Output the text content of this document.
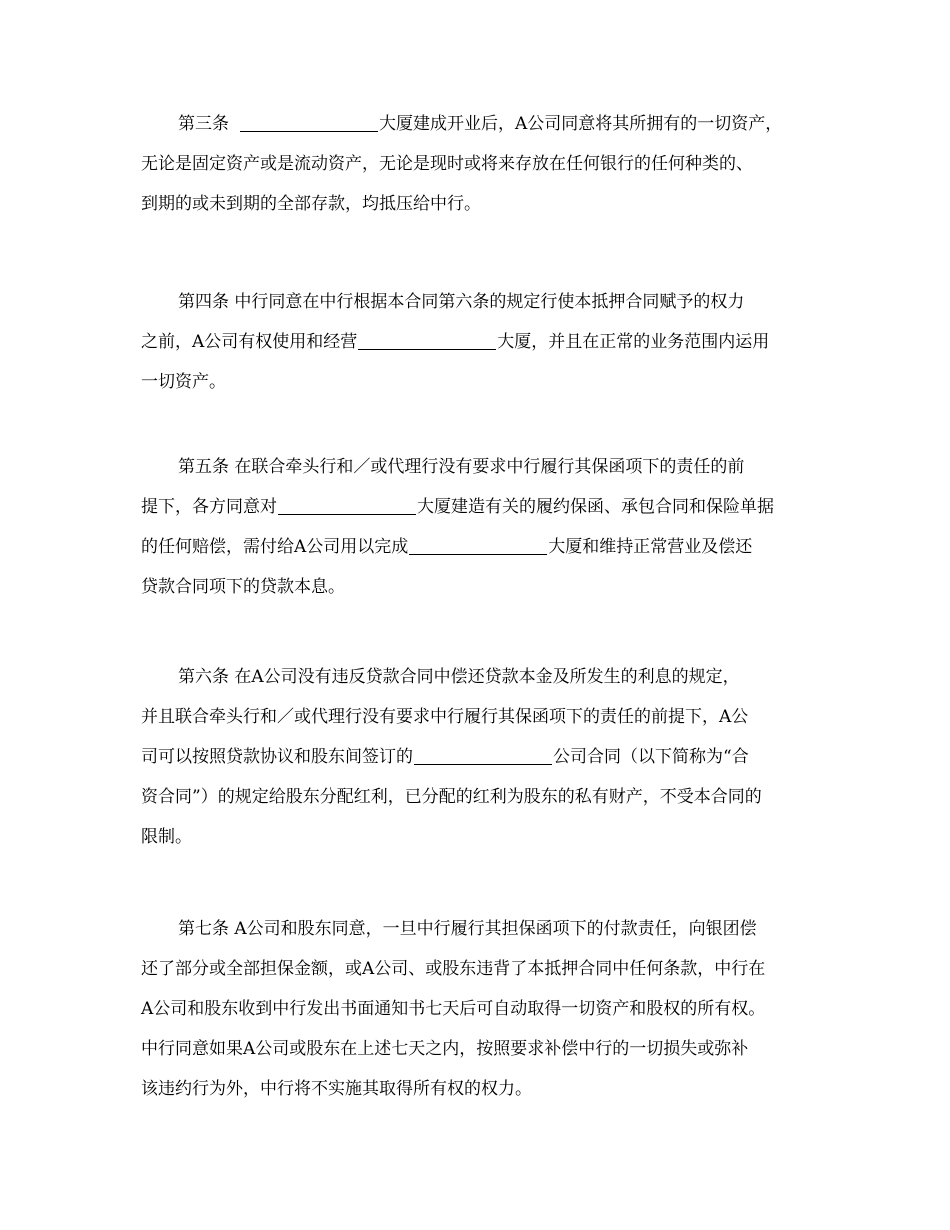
第三条	大厦建成开业后，A公司同意将其所拥有的一切资产，
无论是固定资产或是流动资产，无论是现时或将来存放在任何银行的任何种类的、
到期的或未到期的全部存款，均抵压给中行。
第四条 中行同意在中行根据本合同第六条的规定行使本抵押合同赋予的权力
之前，A公司有权使用和经营	大厦，并且在正常的业务范围内运用
一切资产。
第五条 在联合牵头行和／或代理行没有要求中行履行其保函项下的责任的前
提下，各方同意对	大厦建造有关的履约保函、承包合同和保险单据
的任何赔偿，需付给A公司用以完成	大厦和维持正常营业及偿还
贷款合同项下的贷款本息。
第六条 在A公司没有违反贷款合同中偿还贷款本金及所发生的利息的规定，
并且联合牵头行和／或代理行没有要求中行履行其保函项下的责任的前提下，A公
司可以按照贷款协议和股东间签订的	公司合同（以下简称为“合
资合同”）的规定给股东分配红利，已分配的红利为股东的私有财产，不受本合同的
限制。
第七条 A公司和股东同意，一旦中行履行其担保函项下的付款责任，向银团偿
还了部分或全部担保金额，或A公司、或股东违背了本抵押合同中任何条款，中行在
A公司和股东收到中行发出书面通知书七天后可自动取得一切资产和股权的所有权。
中行同意如果A公司或股东在上述七天之内，按照要求补偿中行的一切损失或弥补
该违约行为外，中行将不实施其取得所有权的权力。
